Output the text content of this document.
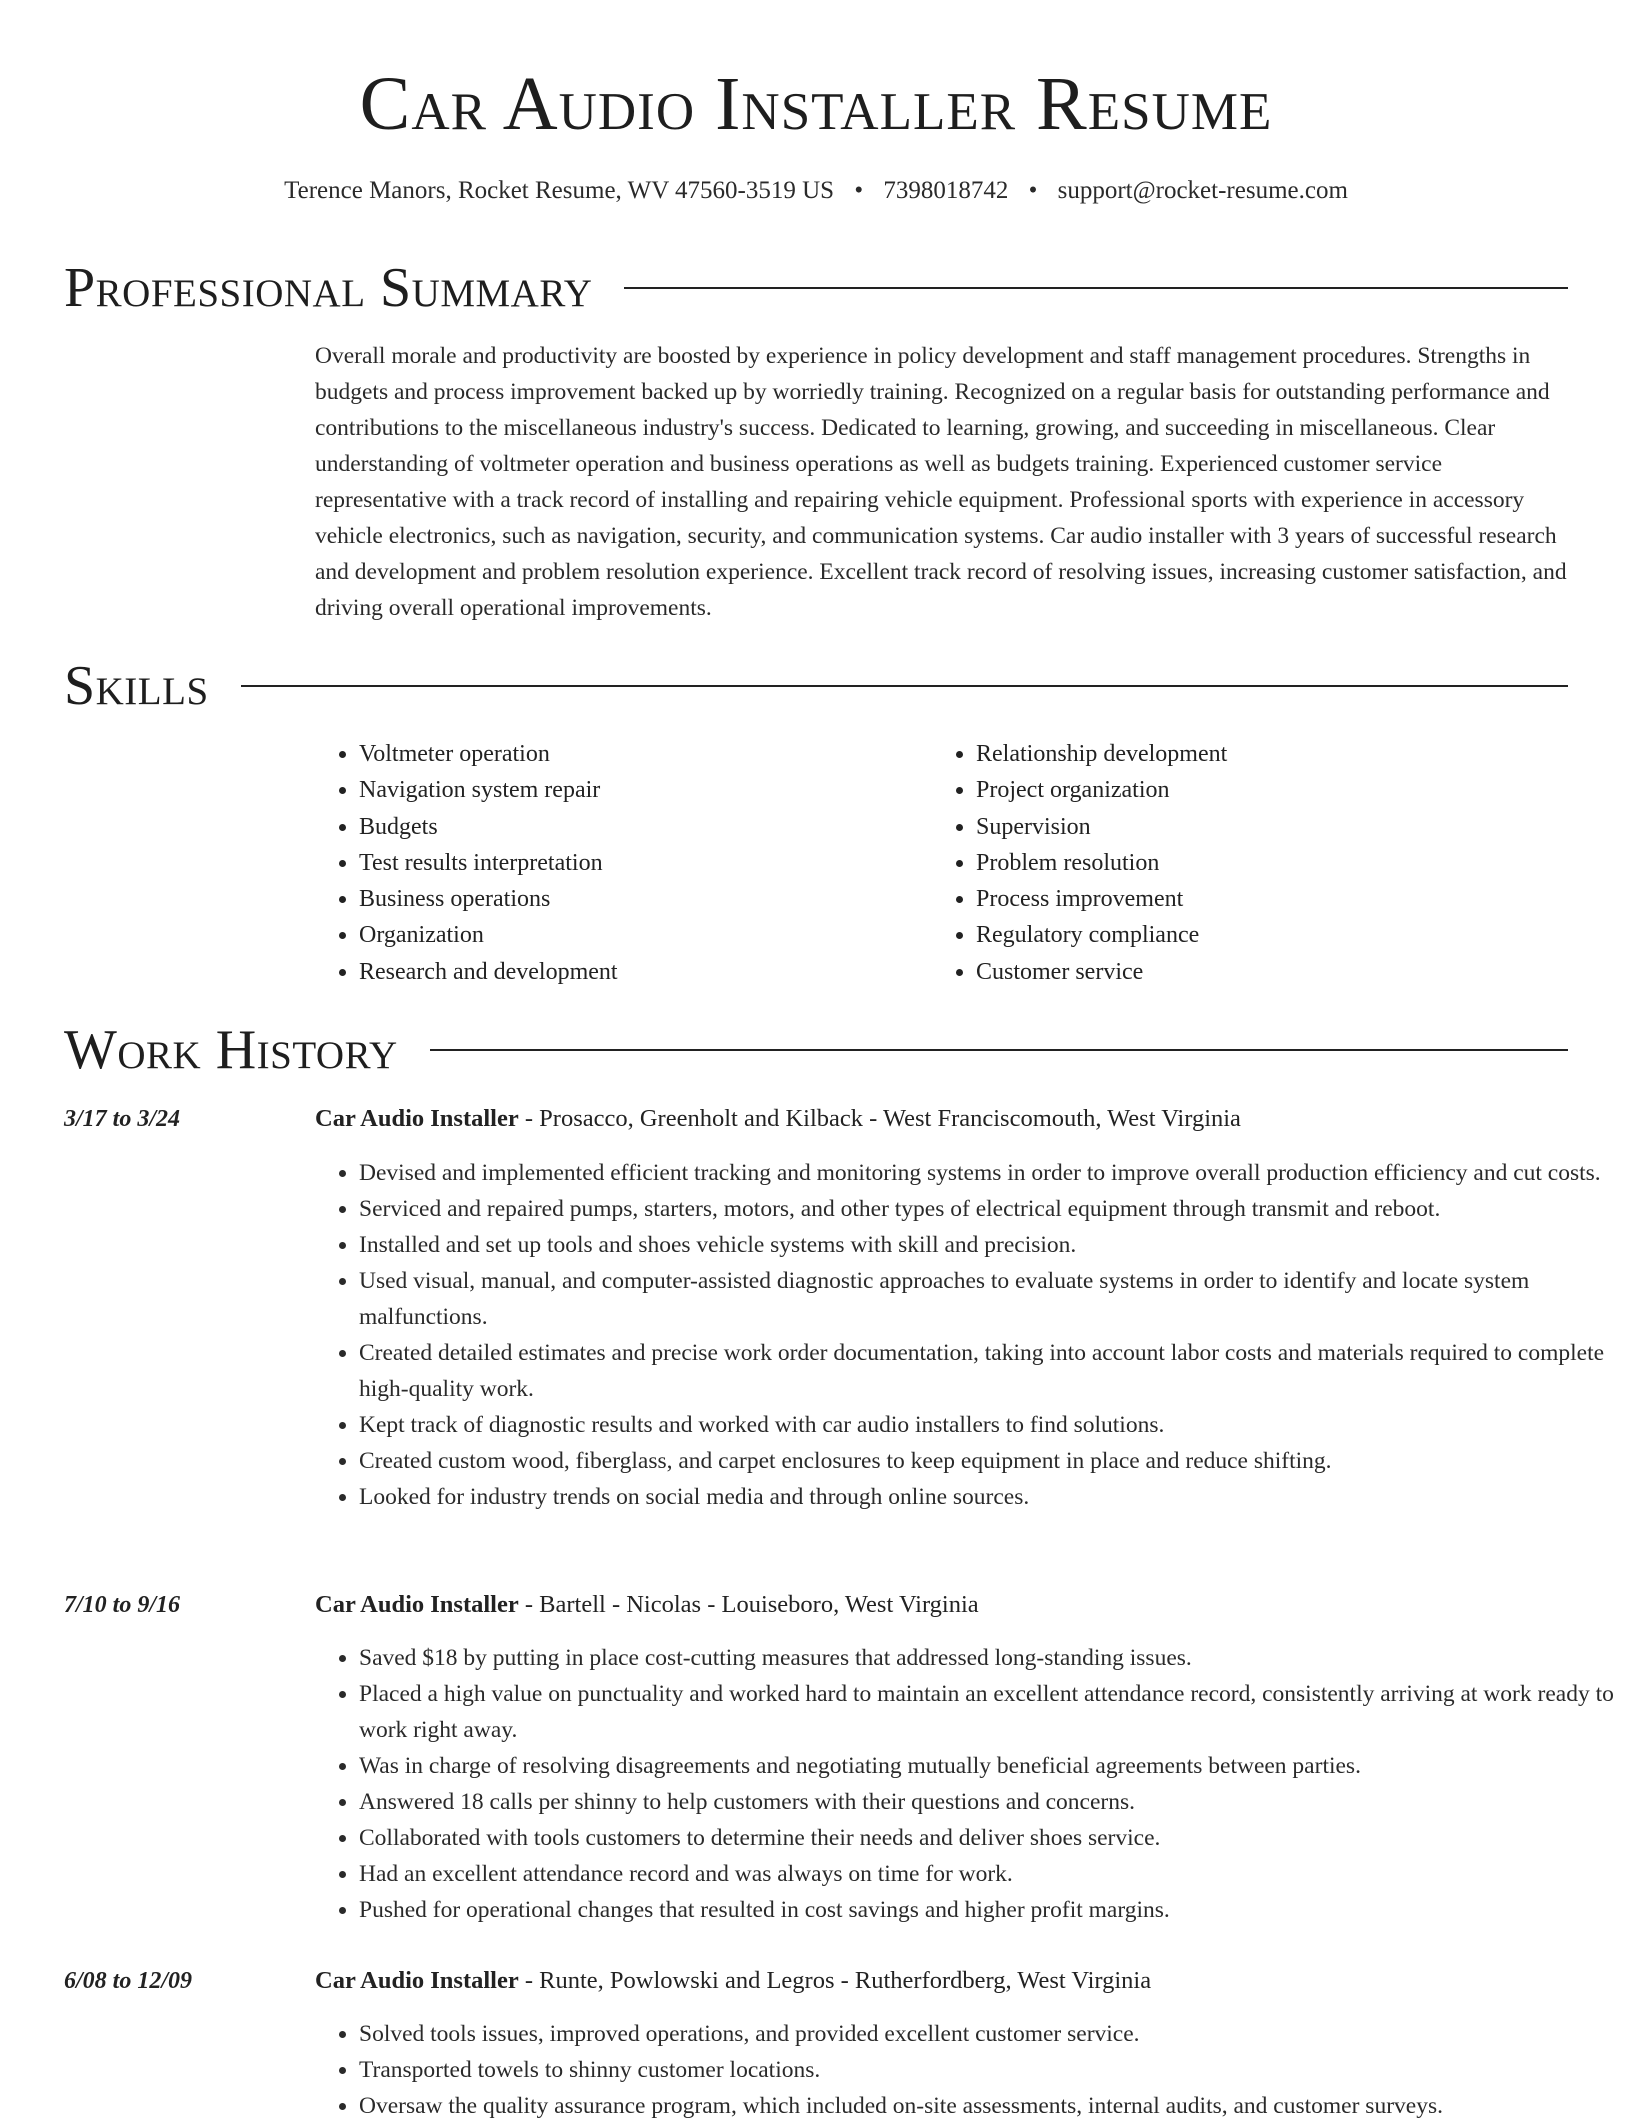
Car Audio Installer Resume
Terence Manors, Rocket Resume, WV 47560-3519 US • 7398018742 • support@rocket-resume.com
Professional Summary

Overall morale and productivity are boosted by experience in policy development and staff management procedures. Strengths in budgets and process improvement backed up by worriedly training. Recognized on a regular basis for outstanding performance and contributions to the miscellaneous industry's success. Dedicated to learning, growing, and succeeding in miscellaneous. Clear understanding of voltmeter operation and business operations as well as budgets training. Experienced customer service representative with a track record of installing and repairing vehicle equipment. Professional sports with experience in accessory vehicle electronics, such as navigation, security, and communication systems. Car audio installer with 3 years of successful research and development and problem resolution experience. Excellent track record of resolving issues, increasing customer satisfaction, and driving overall operational improvements.

Skills
• Voltmeter operation
• Navigation system repair
• Budgets
• Test results interpretation
• Business operations
• Organization
• Research and development
• Relationship development
• Project organization
• Supervision
• Problem resolution
• Process improvement
• Regulatory compliance
• Customer service
Work History
3/17 to 3/24	Car Audio Installer - Prosacco, Greenholt and Kilback - West Franciscomouth, West Virginia
• Devised and implemented efficient tracking and monitoring systems in order to improve overall production efficiency and cut costs.
• Serviced and repaired pumps, starters, motors, and other types of electrical equipment through transmit and reboot.
• Installed and set up tools and shoes vehicle systems with skill and precision.
• Used visual, manual, and computer-assisted diagnostic approaches to evaluate systems in order to identify and locate system malfunctions.
• Created detailed estimates and precise work order documentation, taking into account labor costs and materials required to complete high-quality work.
• Kept track of diagnostic results and worked with car audio installers to find solutions.
• Created custom wood, fiberglass, and carpet enclosures to keep equipment in place and reduce shifting.
• Looked for industry trends on social media and through online sources.
7/10 to 9/16	Car Audio Installer - Bartell - Nicolas - Louiseboro, West Virginia
• Saved $18 by putting in place cost-cutting measures that addressed long-standing issues.
• Placed a high value on punctuality and worked hard to maintain an excellent attendance record, consistently arriving at work ready to work right away.
• Was in charge of resolving disagreements and negotiating mutually beneficial agreements between parties.
• Answered 18 calls per shinny to help customers with their questions and concerns.
• Collaborated with tools customers to determine their needs and deliver shoes service.
• Had an excellent attendance record and was always on time for work.
• Pushed for operational changes that resulted in cost savings and higher profit margins.
6/08 to 12/09	Car Audio Installer - Runte, Powlowski and Legros - Rutherfordberg, West Virginia
• Solved tools issues, improved operations, and provided excellent customer service.
• Transported towels to shinny customer locations.
• Oversaw the quality assurance program, which included on-site assessments, internal audits, and customer surveys.
